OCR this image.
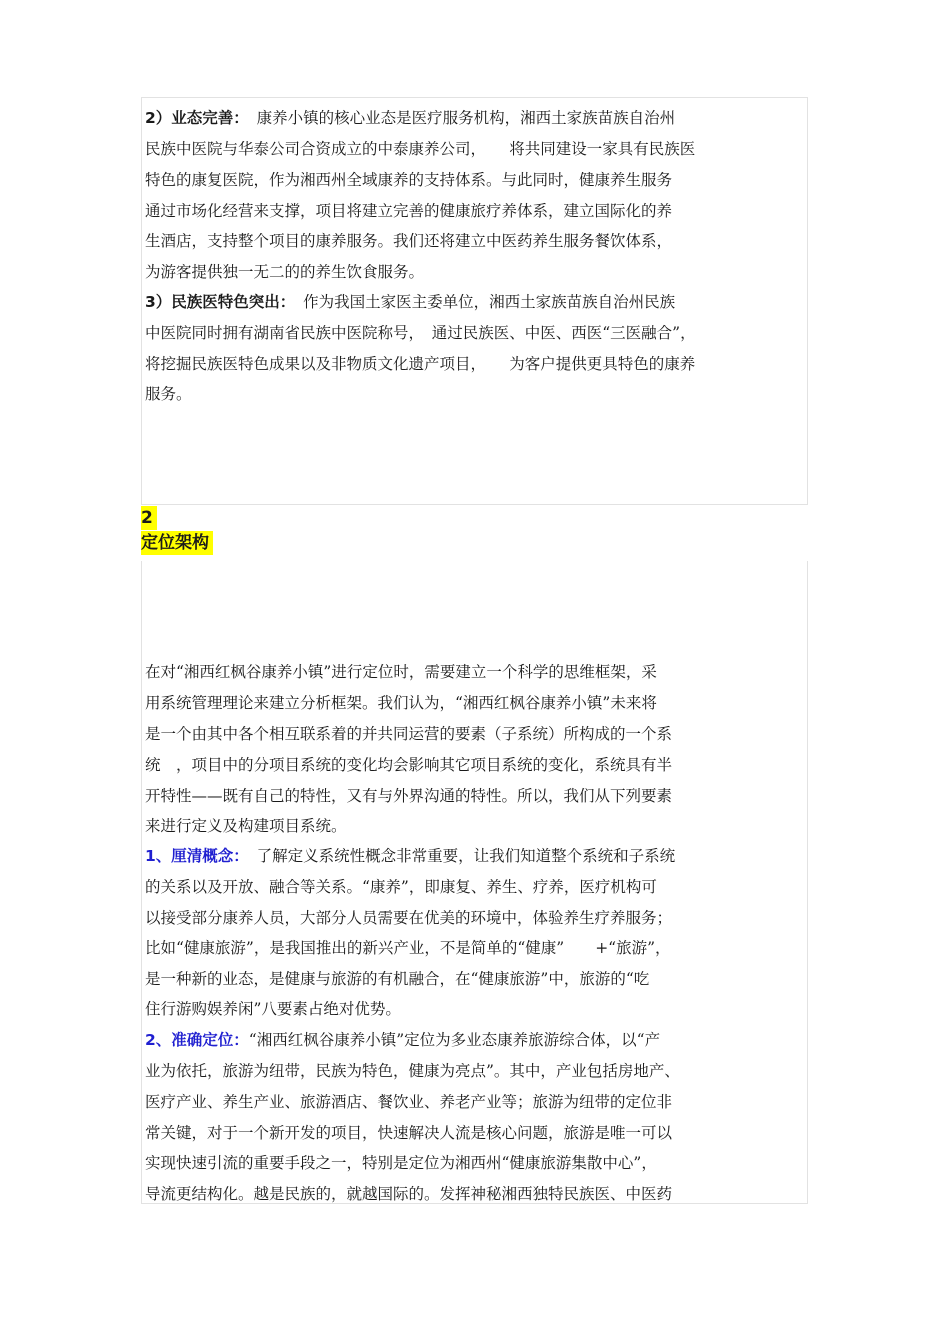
2）业态完善：　 康养小镇的核心业态是医疗服务机构，湘西土家族苗族自治州
民族中医院与华泰公司合资成立的中泰康养公司，　　将共同建设一家具有民族医
特色的康复医院，作为湘西州全域康养的支持体系。与此同时，健康养生服务
通过市场化经营来支撑，项目将建立完善的健康旅疗养体系，建立国际化的养
生酒店，支持整个项目的康养服务。我们还将建立中医药养生服务餐饮体系，
为游客提供独一无二的的养生饮食服务。
3）民族医特色突出：　 作为我国土家医主委单位，湘西土家族苗族自治州民族
中医院同时拥有湖南省民族中医院称号，　通过民族医、中医、西医“三医融合”，
将挖掘民族医特色成果以及非物质文化遗产项目，　　为客户提供更具特色的康养
服务。
2
定位架构
在对“湘西红枫谷康养小镇”进行定位时，需要建立一个科学的思维框架，采
用系统管理理论来建立分析框架。我们认为，“湘西红枫谷康养小镇”未来将
是一个由其中各个相互联系着的并共同运营的要素（子系统）所构成的一个系
统　，项目中的分项目系统的变化均会影响其它项目系统的变化，系统具有半
开特性——既有自己的特性，又有与外界沟通的特性。所以，我们从下列要素
来进行定义及构建项目系统。
1、厘清概念：　 了解定义系统性概念非常重要，让我们知道整个系统和子系统
的关系以及开放、融合等关系。“康养”，即康复、养生、疗养，医疗机构可
以接受部分康养人员，大部分人员需要在优美的环境中，体验养生疗养服务；
比如“健康旅游”，是我国推出的新兴产业，不是简单的“健康”　　+“旅游”，
是一种新的业态，是健康与旅游的有机融合，在“健康旅游”中，旅游的“吃
住行游购娱养闲”八要素占绝对优势。
2、准确定位：“湘西红枫谷康养小镇”定位为多业态康养旅游综合体，以“产
业为依托，旅游为纽带，民族为特色，健康为亮点”。其中，产业包括房地产、
医疗产业、养生产业、旅游酒店、餐饮业、养老产业等；旅游为纽带的定位非
常关键，对于一个新开发的项目，快速解决人流是核心问题，旅游是唯一可以
实现快速引流的重要手段之一，特别是定位为湘西州“健康旅游集散中心”，
导流更结构化。越是民族的，就越国际的。发挥神秘湘西独特民族医、中医药
